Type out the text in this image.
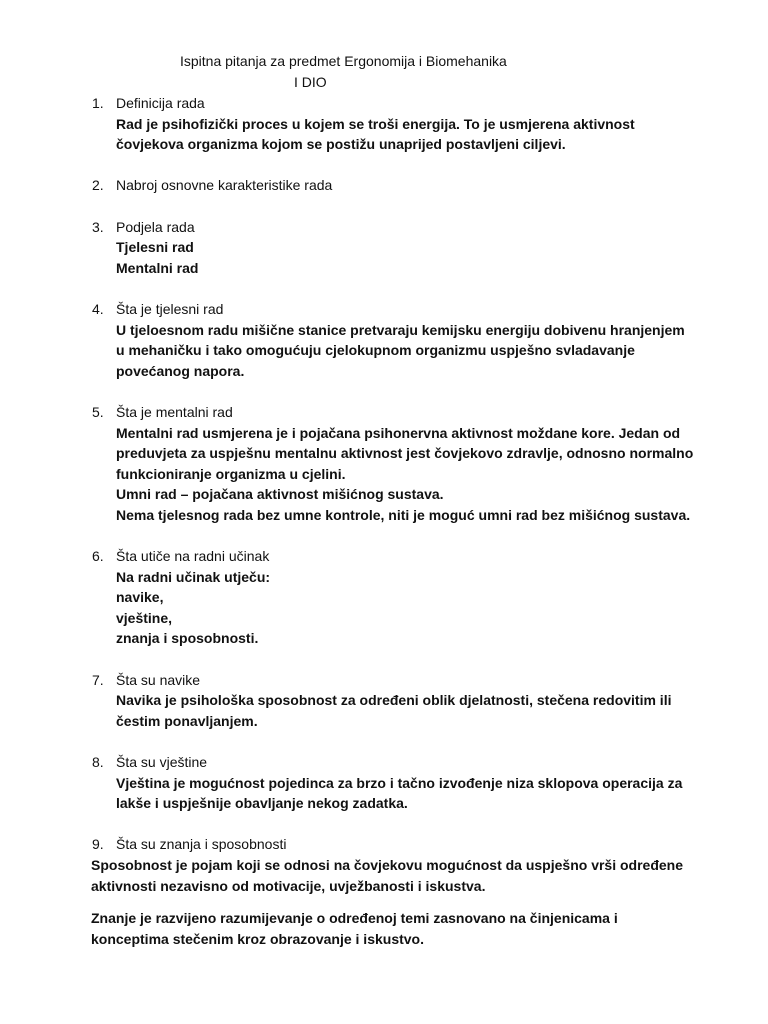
Ispitna pitanja za predmet Ergonomija i Biomehanika
I DIO
1. Definicija rada
Rad je psihofizički proces u kojem se troši energija. To je usmjerena aktivnost
čovjekova organizma kojom se postižu unaprijed postavljeni ciljevi.
2. Nabroj osnovne karakteristike rada
3. Podjela rada
Tjelesni rad
Mentalni rad
4. Šta je tjelesni rad
U tjeloesnom radu mišične stanice pretvaraju kemijsku energiju dobivenu hranjenjem
u mehaničku i tako omogućuju cjelokupnom organizmu uspješno svladavanje
povećanog napora.
5. Šta je mentalni rad
Mentalni rad usmjerena je i pojačana psihonervna aktivnost moždane kore. Jedan od
preduvjeta za uspješnu mentalnu aktivnost jest čovjekovo zdravlje, odnosno normalno
funkcioniranje organizma u cjelini.
Umni rad – pojačana aktivnost mišićnog sustava.
Nema tjelesnog rada bez umne kontrole, niti je moguć umni rad bez mišićnog sustava.
6. Šta utiče na radni učinak
Na radni učinak utječu:
navike,
vještine,
znanja i sposobnosti.
7. Šta su navike
Navika je psihološka sposobnost za određeni oblik djelatnosti, stečena redovitim ili
čestim ponavljanjem.
8. Šta su vještine
Vještina je mogućnost pojedinca za brzo i tačno izvođenje niza sklopova operacija za
lakše i uspješnije obavljanje nekog zadatka.
9. Šta su znanja i sposobnosti
Sposobnost je pojam koji se odnosi na čovjekovu mogućnost da uspješno vrši određene
aktivnosti nezavisno od motivacije, uvježbanosti i iskustva.
Znanje je razvijeno razumijevanje o određenoj temi zasnovano na činjenicama i
konceptima stečenim kroz obrazovanje i iskustvo.
